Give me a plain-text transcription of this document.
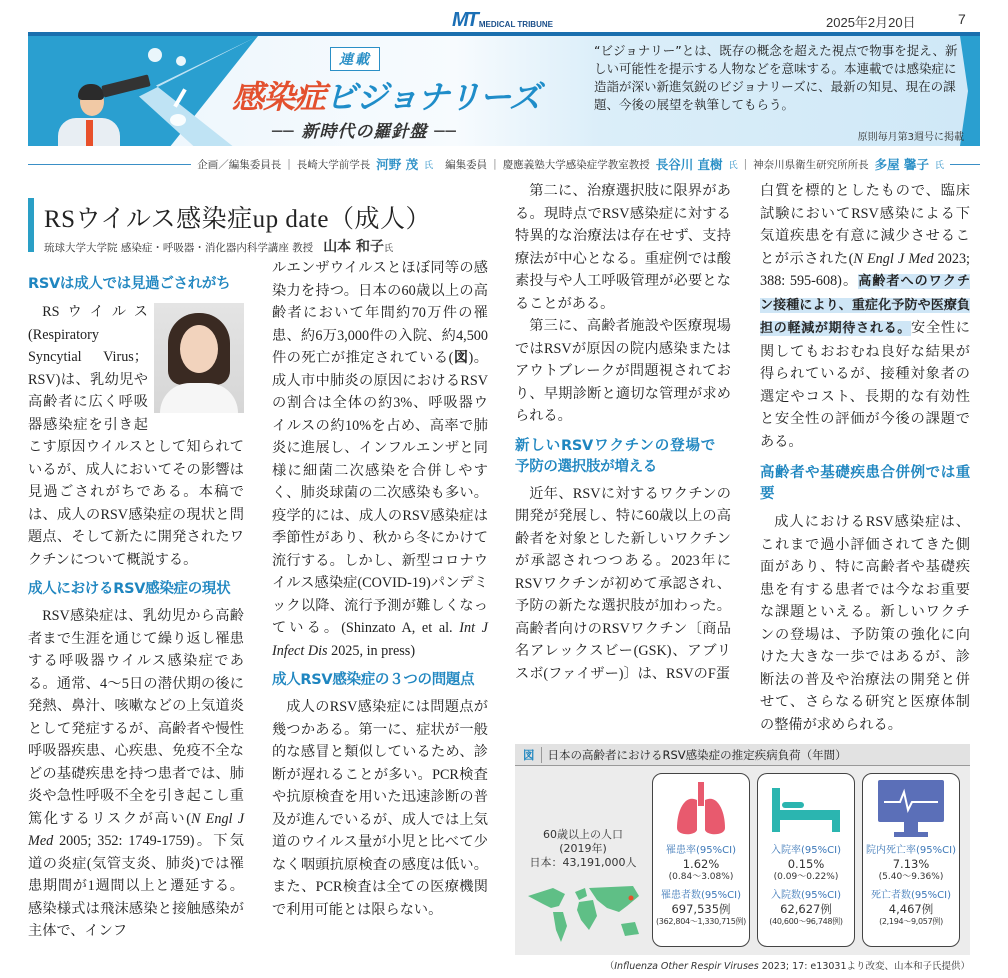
MT MEDICAL TRIBUNE	2025年2月20日	7
連載
感染症ビジョナリーズ
── 新時代の羅針盤 ──
“ビジョナリー”とは、既存の概念を超えた視点で物事を捉え、新しい可能性を提示する人物などを意味する。本連載では感染症に造詣が深い新進気鋭のビジョナリーズに、最新の知見、現在の課題、今後の展望を執筆してもらう。
原則毎月第3週号に掲載
企画／編集委員長 | 長崎大学前学長 河野 茂 氏 編集委員 | 慶應義塾大学感染症学教室教授 長谷川 直樹 氏 | 神奈川県衛生研究所所長 多屋 馨子 氏
RSウイルス感染症up date（成人）
琉球大学大学院 感染症・呼吸器・消化器内科学講座 教授 山本 和子氏
RSVは成人では見過ごされがち

RSウイルス(Respiratory Syncytial Virus；RSV)は、乳幼児や高齢者に広く呼吸器感染症を引き起こす原因ウイルスとして知られているが、成人においてその影響は見過ごされがちである。本稿では、成人のRSV感染症の現状と問題点、そして新たに開発されたワクチンについて概説する。

成人におけるRSV感染症の現状

RSV感染症は、乳幼児から高齢者まで生涯を通じて繰り返し罹患する呼吸器ウイルス感染症である。通常、4～5日の潜伏期の後に発熱、鼻汁、咳嗽などの上気道炎として発症するが、高齢者や慢性呼吸器疾患、心疾患、免疫不全などの基礎疾患を持つ患者では、肺炎や急性呼吸不全を引き起こし重篤化するリスクが高い(N Engl J Med 2005; 352: 1749-1759)。下気道の炎症(気管支炎、肺炎)では罹患期間が1週間以上と遷延する。感染様式は飛沫感染と接触感染が主体で、インフ

ルエンザウイルスとほぼ同等の感染力を持つ。日本の60歳以上の高齢者において年間約70万件の罹患、約6万3,000件の入院、約4,500件の死亡が推定されている(図)。成人市中肺炎の原因におけるRSVの割合は全体の約3%、呼吸器ウイルスの約10%を占め、高率で肺炎に進展し、インフルエンザと同様に細菌二次感染を合併しやすく、肺炎球菌の二次感染も多い。疫学的には、成人のRSV感染症は季節性があり、秋から冬にかけて流行する。しかし、新型コロナウイルス感染症(COVID-19)パンデミック以降、流行予測が難しくなっている。(Shinzato A, et al. Int J Infect Dis 2025, in press)

成人RSV感染症の３つの問題点

成人のRSV感染症には問題点が幾つかある。第一に、症状が一般的な感冒と類似しているため、診断が遅れることが多い。PCR検査や抗原検査を用いた迅速診断の普及が進んでいるが、成人では上気道のウイルス量が小児と比べて少なく咽頭抗原検査の感度は低い。また、PCR検査は全ての医療機関で利用可能とは限らない。

第二に、治療選択肢に限界がある。現時点でRSV感染症に対する特異的な治療法は存在せず、支持療法が中心となる。重症例では酸素投与や人工呼吸管理が必要となることがある。

第三に、高齢者施設や医療現場ではRSVが原因の院内感染またはアウトブレークが問題視されており、早期診断と適切な管理が求められる。

新しいRSVワクチンの登場で予防の選択肢が増える

近年、RSVに対するワクチンの開発が発展し、特に60歳以上の高齢者を対象とした新しいワクチンが承認されつつある。2023年にRSVワクチンが初めて承認され、予防の新たな選択肢が加わった。高齢者向けのRSVワクチン〔商品名アレックスビー(GSK)、アブリスボ(ファイザー)〕は、RSVのF蛋

白質を標的としたもので、臨床試験においてRSV感染による下気道疾患を有意に減少させることが示された(N Engl J Med 2023; 388: 595-608)。高齢者へのワクチン接種により、重症化予防や医療負担の軽減が期待される。安全性に関してもおおむね良好な結果が得られているが、接種対象者の選定やコスト、長期的な有効性と安全性の評価が今後の課題である。

高齢者や基礎疾患合併例では重要

成人におけるRSV感染症は、これまで過小評価されてきた側面があり、特に高齢者や基礎疾患を有する患者では今なお重要な課題といえる。新しいワクチンの登場は、予防策の強化に向けた大きな一歩ではあるが、診断法の普及や治療法の開発と併せて、さらなる研究と医療体制の整備が求められる。

図	日本の高齢者におけるRSV感染症の推定疾病負荷（年間）
60歳以上の人口
(2019年)
日本：43,191,000人
罹患率(95%CI)
1.62%
(0.84～3.08%)
罹患者数(95%CI)
697,535例
(362,804～1,330,715例)
入院率(95%CI)
0.15%
(0.09～0.22%)
入院数(95%CI)
62,627例
(40,600～96,748例)
院内死亡率(95%CI)
7.13%
(5.40～9.36%)
死亡者数(95%CI)
4,467例
(2,194～9,057例)
（Influenza Other Respir Viruses 2023; 17: e13031より改変、山本和子氏提供）
